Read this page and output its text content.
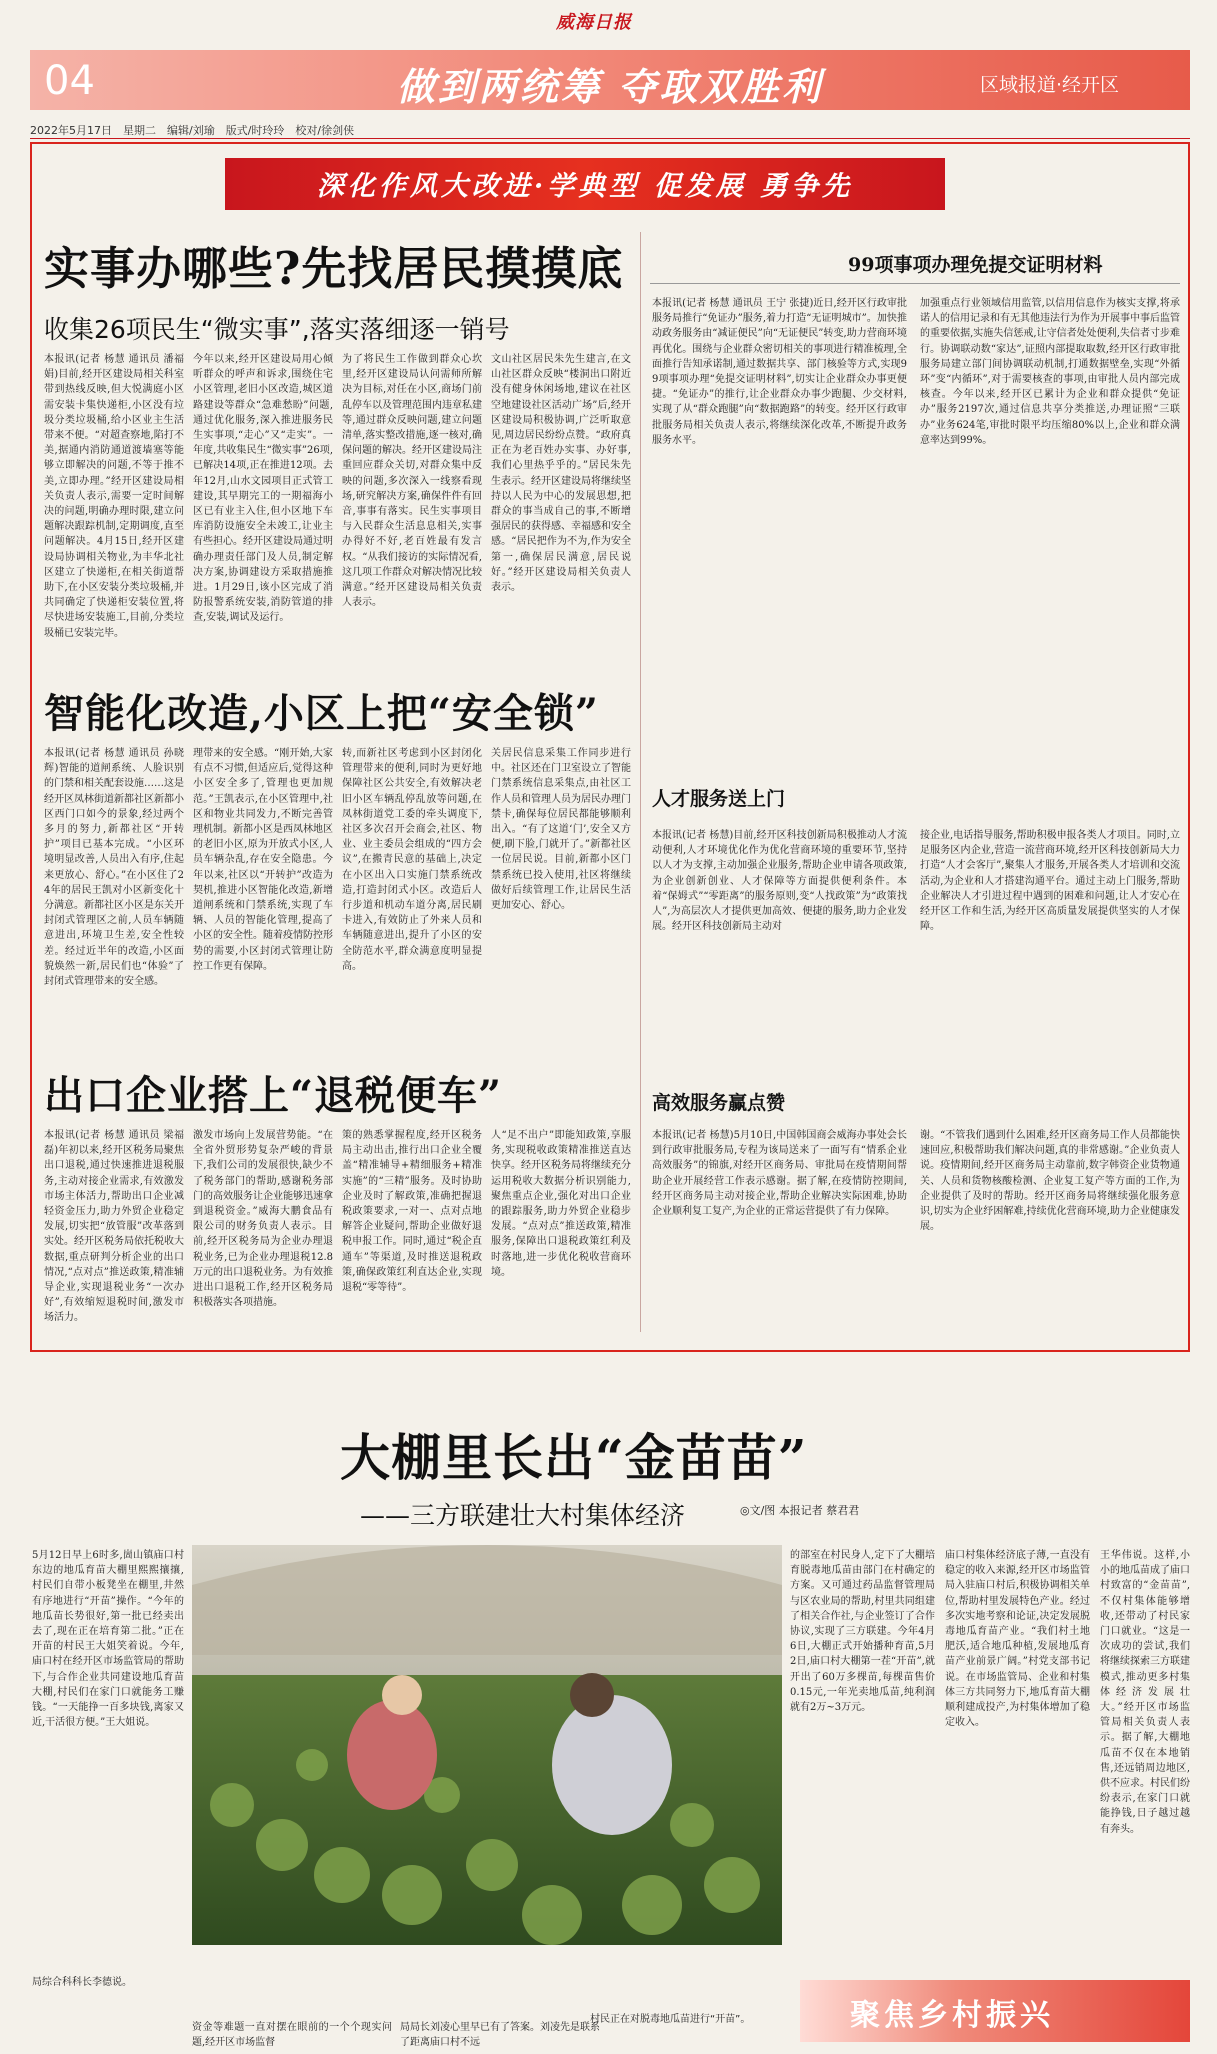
威海日报
04	做到两统筹 夺取双胜利	区域报道·经开区
2022年5月17日　星期二　编辑/刘瑜　版式/时玲玲　校对/徐剑侠
深化作风大改进·学典型 促发展 勇争先
实事办哪些?先找居民摸摸底
收集26项民生“微实事”,落实落细逐一销号
本报讯(记者 杨慧 通讯员 潘福娟)目前,经开区建设局相关科室带到热线反映,但大悦满庭小区需安装卡集快递柜,小区没有垃圾分类垃圾桶,给小区业主生活带来不便。“对超查察地,陷打不美,据通内消防通道渡墙塞等能够立即解决的问题,不等于推不美,立即办理。”经开区建设局相关负责人表示,需要一定时间解决的问题,明确办理时限,建立问题解决跟踪机制,定期调度,直至问题解决。4月15日,经开区建设局协调相关物业,为丰华北社区建立了快递柜,在相关街道帮助下,在小区安装分类垃圾桶,并共同确定了快递柜安装位置,将尽快进场安装施工,目前,分类垃圾桶已安装完毕。
今年以来,经开区建设局用心倾听群众的呼声和诉求,围绕住宅小区管理,老旧小区改造,城区道路建设等群众“急难愁盼”问题,通过优化服务,深入推进服务民生实事项,“走心”又“走实”。一年度,共收集民生“微实事”26项,已解决14项,正在推进12项。去年12月,山水文园项目正式管工建设,其早期完工的一期福海小区已有业主入住,但小区地下车库消防设施安全未竣工,让业主有些担心。经开区建设局通过明确办理责任部门及人员,制定解决方案,协调建设方采取措施推进。1月29日,该小区完成了消防报警系统安装,消防管道的排查,安装,调试及运行。
为了将民生工作做到群众心坎里,经开区建设局认问需师所解决为目标,对任在小区,商场门前乱停车以及管理范围内违章私建等,通过群众反映问题,建立问题清单,落实整改措施,逐一核对,确保问题的解决。经开区建设局注重回应群众关切,对群众集中反映的问题,多次深入一线察看现场,研究解决方案,确保件件有回音,事事有落实。民生实事项目与入民群众生活息息相关,实事办得好不好,老百姓最有发言权。“从我们接访的实际情况看,这几项工作群众对解决情况比较满意。”经开区建设局相关负责人表示。
文山社区居民朱先生建言,在文山社区群众反映“楼洞出口附近没有健身休闲场地,建议在社区空地建设社区活动广场”后,经开区建设局积极协调,广泛听取意见,周边居民纷纷点赞。“政府真正在为老百姓办实事、办好事,我们心里热乎乎的。”居民朱先生表示。经开区建设局将继续坚持以人民为中心的发展思想,把群众的事当成自己的事,不断增强居民的获得感、幸福感和安全感。“居民把作为不为,作为安全第一,确保居民满意,居民说好。”经开区建设局相关负责人表示。
智能化改造,小区上把“安全锁”
本报讯(记者 杨慧 通讯员 孙晓辉)智能的道闸系统、人脸识别的门禁和相关配套设施……这是经开区凤林街道新都社区新都小区西门口如今的景象,经过两个多月的努力,新都社区“开转护”项目已基本完成。“小区环境明显改善,人员出入有序,住起来更放心、舒心。”在小区住了24年的居民王凯对小区新变化十分满意。新都社区小区是东关开封闭式管理区之前,人员车辆随意进出,环境卫生差,安全性较差。经过近半年的改造,小区面貌焕然一新,居民们也“体验”了封闭式管理带来的安全感。
理带来的安全感。“刚开始,大家有点不习惯,但适应后,觉得这种小区安全多了,管理也更加规范。”王凯表示,在小区管理中,社区和物业共同发力,不断完善管理机制。新都小区是西凤林地区的老旧小区,原为开放式小区,人员车辆杂乱,存在安全隐患。今年以来,社区以“开转护”改造为契机,推进小区智能化改造,新增道闸系统和门禁系统,实现了车辆、人员的智能化管理,提高了小区的安全性。随着疫情防控形势的需要,小区封闭式管理让防控工作更有保障。
转,而新社区考虑到小区封闭化管理带来的便利,同时为更好地保障社区公共安全,有效解决老旧小区车辆乱停乱放等问题,在凤林街道党工委的牵头调度下,社区多次召开会商会,社区、物业、业主委员会组成的“四方会议”,在搬青民意的基础上,决定在小区出入口实施门禁系统改造,打造封闭式小区。改造后人行步道和机动车道分离,居民刷卡进入,有效防止了外来人员和车辆随意进出,提升了小区的安全防范水平,群众满意度明显提高。
关居民信息采集工作同步进行中。社区还在门卫室设立了智能门禁系统信息采集点,由社区工作人员和管理人员为居民办理门禁卡,确保每位居民都能够顺利出入。“有了这道‘门’,安全又方便,刷下脸,门就开了。”新都社区一位居民说。目前,新都小区门禁系统已投入使用,社区将继续做好后续管理工作,让居民生活更加安心、舒心。
出口企业搭上“退税便车”
本报讯(记者 杨慧 通讯员 梁福磊)年初以来,经开区税务局聚焦出口退税,通过快速推进退税服务,主动对接企业需求,有效激发市场主体活力,帮助出口企业减轻资金压力,助力外贸企业稳定发展,切实把“放管服”改革落到实处。经开区税务局依托税收大数据,重点研判分析企业的出口情况,“点对点”推送政策,精准辅导企业,实现退税业务“一次办好”,有效缩短退税时间,激发市场活力。
激发市场向上发展营势能。“在全省外贸形势复杂严峻的背景下,我们公司的发展很快,缺少不了税务部门的帮助,感谢税务部门的高效服务让企业能够迅速拿到退税资金。”威海大鹏食品有限公司的财务负责人表示。目前,经开区税务局为企业办理退税业务,已为企业办理退税12.8万元的出口退税业务。为有效推进出口退税工作,经开区税务局积极落实各项措施。
策的熟悉掌握程度,经开区税务局主动出击,推行出口企业全覆盖“精准辅导+精细服务+精准实施”的“三精”服务。及时协助企业及时了解政策,准确把握退税政策要求,一对一、点对点地解答企业疑问,帮助企业做好退税申报工作。同时,通过“税企直通车”等渠道,及时推送退税政策,确保政策红利直达企业,实现退税“零等待”。
人“足不出户”即能知政策,享服务,实现税收政策精准推送直达快享。经开区税务局将继续充分运用税收大数据分析识别能力,聚焦重点企业,强化对出口企业的跟踪服务,助力外贸企业稳步发展。“点对点”推送政策,精准服务,保障出口退税政策红利及时落地,进一步优化税收营商环境。
99项事项办理免提交证明材料
本报讯(记者 杨慧 通讯员 王宁 张捷)近日,经开区行政审批服务局推行“免证办”服务,着力打造“无证明城市”。加快推动政务服务由“减证便民”向“无证便民”转变,助力营商环境再优化。围绕与企业群众密切相关的事项进行精准梳理,全面推行告知承诺制,通过数据共享、部门核验等方式,实现99项事项办理“免提交证明材料”,切实让企业群众办事更便捷。“免证办”的推行,让企业群众办事少跑腿、少交材料,实现了从“群众跑腿”向“数据跑路”的转变。经开区行政审批服务局相关负责人表示,将继续深化改革,不断提升政务服务水平。
加强重点行业领域信用监管,以信用信息作为核实支撑,将承诺人的信用记录和有无其他违法行为作为开展事中事后监管的重要依据,实施失信惩戒,让守信者处处便利,失信者寸步难行。协调联动数“家达”,证照内部提取取数,经开区行政审批服务局建立部门间协调联动机制,打通数据壁垒,实现“外循环”变“内循环”,对于需要核查的事项,由审批人员内部完成核查。今年以来,经开区已累计为企业和群众提供“免证办”服务2197次,通过信息共享分类推送,办理证照“三联办”业务624笔,审批时限平均压缩80%以上,企业和群众满意率达到99%。
人才服务送上门
本报讯(记者 杨慧)目前,经开区科技创新局积极推动人才流动便利,人才环境优化作为优化营商环境的重要环节,坚持以人才为支撑,主动加强企业服务,帮助企业申请各项政策,为企业创新创业、人才保障等方面提供便利条件。本着“保姆式”“零距离”的服务原则,变“人找政策”为“政策找人”,为高层次人才提供更加高效、便捷的服务,助力企业发展。经开区科技创新局主动对
接企业,电话指导服务,帮助积极申报各类人才项目。同时,立足服务区内企业,营造一流营商环境,经开区科技创新局大力打造“人才会客厅”,聚集人才服务,开展各类人才培训和交流活动,为企业和人才搭建沟通平台。通过主动上门服务,帮助企业解决人才引进过程中遇到的困难和问题,让人才安心在经开区工作和生活,为经开区高质量发展提供坚实的人才保障。
高效服务赢点赞
本报讯(记者 杨慧)5月10日,中国韩国商会威海办事处会长到行政审批服务局,专程为该局送来了一面写有“情系企业高效服务”的锦旗,对经开区商务局、审批局在疫情期间帮助企业开展经营工作表示感谢。据了解,在疫情防控期间,经开区商务局主动对接企业,帮助企业解决实际困难,协助企业顺利复工复产,为企业的正常运营提供了有力保障。
谢。“不管我们遇到什么困难,经开区商务局工作人员都能快速回应,积极帮助我们解决问题,真的非常感谢。”企业负责人说。疫情期间,经开区商务局主动靠前,数字韩资企业货物通关、人员和货物核酸检测、企业复工复产等方面的工作,为企业提供了及时的帮助。经开区商务局将继续强化服务意识,切实为企业纾困解难,持续优化营商环境,助力企业健康发展。
大棚里长出“金苗苗”
——三方联建壮大村集体经济	◎文/图 本报记者 蔡君君
5月12日早上6时多,崮山镇庙口村东边的地瓜育苗大棚里熙熙攘攘,村民们自带小板凳坐在棚里,井然有序地进行“开苗”操作。“今年的地瓜苗长势很好,第一批已经卖出去了,现在正在培育第二批。”正在开苗的村民王大姐笑着说。今年,庙口村在经开区市场监管局的帮助下,与合作企业共同建设地瓜育苗大棚,村民们在家门口就能务工赚钱。“一天能挣一百多块钱,离家又近,干活很方便。”王大姐说。
村民正在对脱毒地瓜苗进行“开苗”。
的部室在村民身人,定下了大棚培育脱毒地瓜苗由部门在村确定的方案。又可通过药品监督管理局与区农业局的帮助,村里共同组建了相关合作社,与企业签订了合作协议,实现了三方联建。今年4月6日,大棚正式开始播种育苗,5月2日,庙口村大棚第一茬“开苗”,就开出了60万多棵苗,每棵苗售价0.15元,一年光卖地瓜苗,纯利润就有2万~3万元。
庙口村集体经济底子薄,一直没有稳定的收入来源,经开区市场监管局入驻庙口村后,积极协调相关单位,帮助村里发展特色产业。经过多次实地考察和论证,决定发展脱毒地瓜育苗产业。“我们村土地肥沃,适合地瓜种植,发展地瓜育苗产业前景广阔。”村党支部书记说。在市场监管局、企业和村集体三方共同努力下,地瓜育苗大棚顺利建成投产,为村集体增加了稳定收入。
王华伟说。这样,小小的地瓜苗成了庙口村致富的“金苗苗”,不仅村集体能够增收,还带动了村民家门口就业。“这是一次成功的尝试,我们将继续探索三方联建模式,推动更多村集体经济发展壮大。”经开区市场监管局相关负责人表示。据了解,大棚地瓜苗不仅在本地销售,还远销周边地区,供不应求。村民们纷纷表示,在家门口就能挣钱,日子越过越有奔头。
局综合科科长李德说。
资金等难题一直对摆在眼前的一个个现实问题,经开区市场监督
局局长刘凌心里早已有了答案。刘凌先是联系了距离庙口村不远
聚焦乡村振兴
